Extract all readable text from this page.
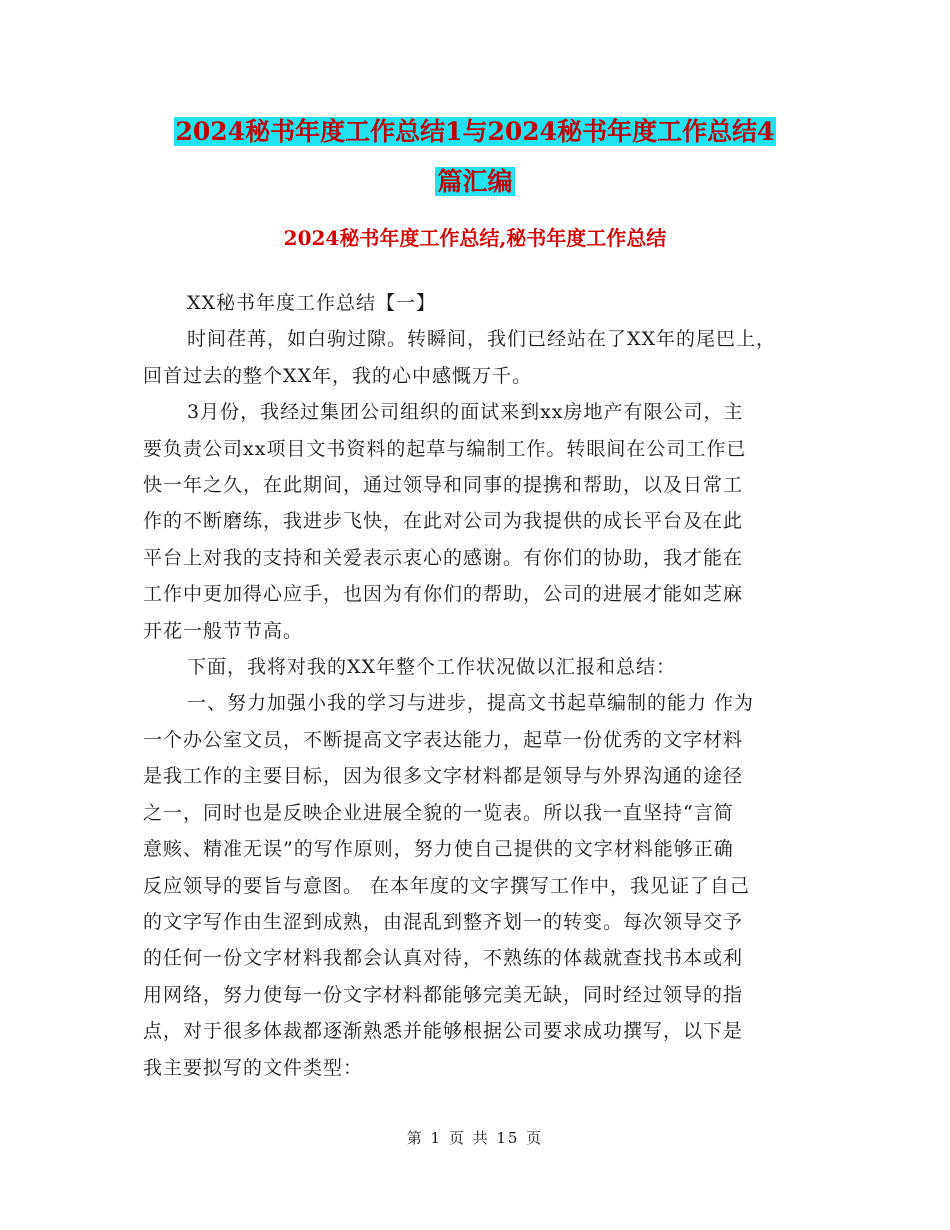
2024秘书年度工作总结1与2024秘书年度工作总结4
篇汇编
2024秘书年度工作总结,秘书年度工作总结

XX秘书年度工作总结【一】

时间荏苒，如白驹过隙。转瞬间，我们已经站在了XX年的尾巴上，

回首过去的整个XX年，我的心中感慨万千。

3月份，我经过集团公司组织的面试来到xx房地产有限公司，主

要负责公司xx项目文书资料的起草与编制工作。转眼间在公司工作已

快一年之久，在此期间，通过领导和同事的提携和帮助，以及日常工

作的不断磨练，我进步飞快，在此对公司为我提供的成长平台及在此

平台上对我的支持和关爱表示衷心的感谢。有你们的协助，我才能在

工作中更加得心应手，也因为有你们的帮助，公司的进展才能如芝麻

开花一般节节高。

下面，我将对我的XX年整个工作状况做以汇报和总结：

一、努力加强小我的学习与进步，提高文书起草编制的能力 作为

一个办公室文员，不断提高文字表达能力，起草一份优秀的文字材料

是我工作的主要目标，因为很多文字材料都是领导与外界沟通的途径

之一，同时也是反映企业进展全貌的一览表。所以我一直坚持“言简

意赅、精准无误”的写作原则，努力使自己提供的文字材料能够正确

反应领导的要旨与意图。 在本年度的文字撰写工作中，我见证了自己

的文字写作由生涩到成熟，由混乱到整齐划一的转变。每次领导交予

的任何一份文字材料我都会认真对待，不熟练的体裁就查找书本或利

用网络，努力使每一份文字材料都能够完美无缺，同时经过领导的指

点，对于很多体裁都逐渐熟悉并能够根据公司要求成功撰写，以下是

我主要拟写的文件类型：

第 1 页 共 15 页
